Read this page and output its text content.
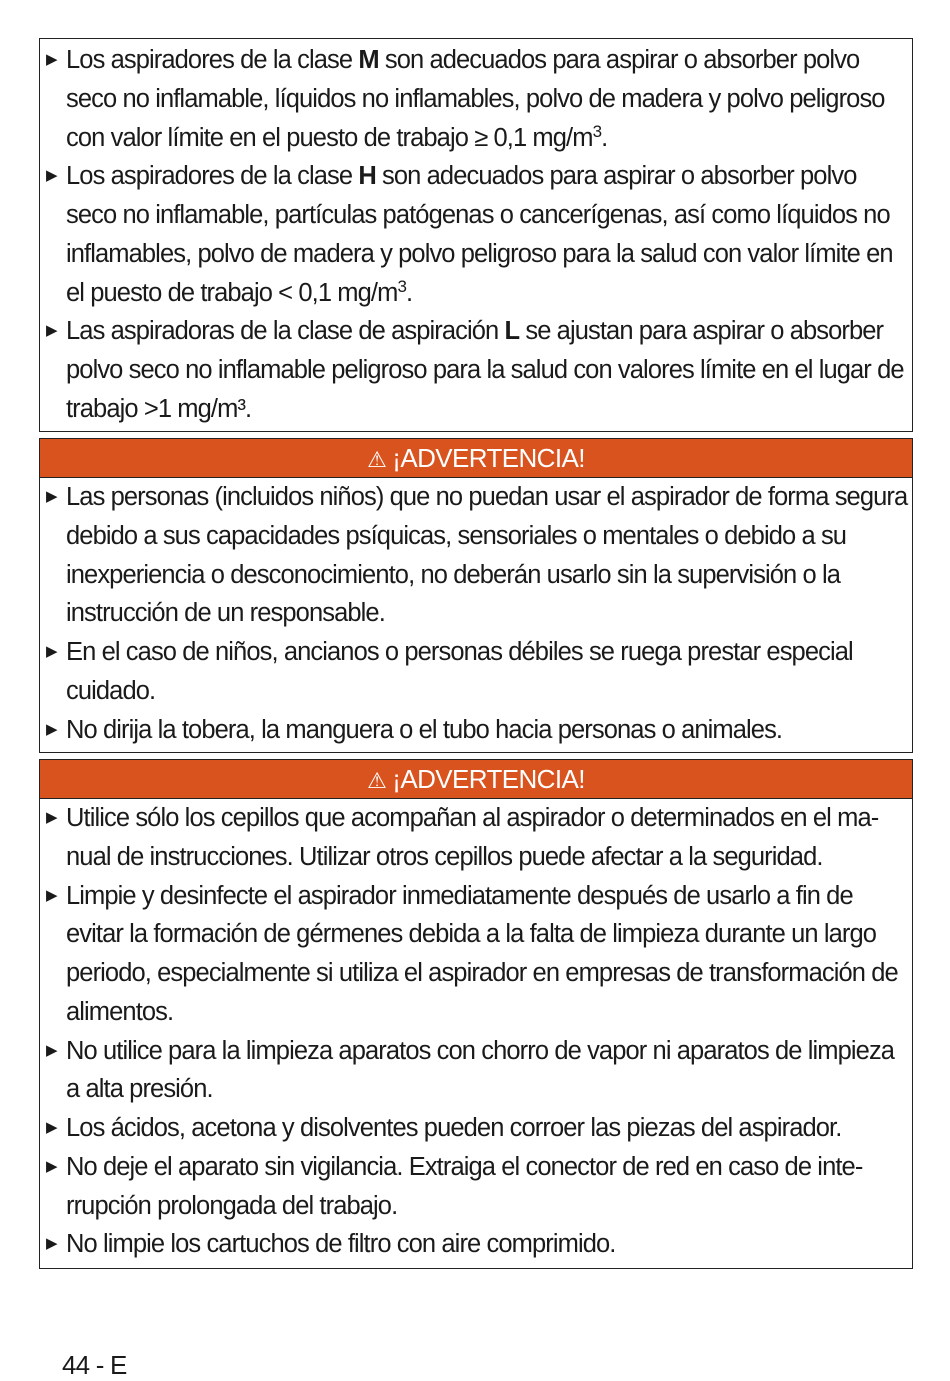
▶ Los aspiradores de la clase M son adecuados para aspirar o absorber polvo seco no inflamable, líquidos no inflamables, polvo de madera y polvo peligroso con valor límite en el puesto de trabajo ≥ 0,1 $mg/m^3$.
▶ Los aspiradores de la clase H son adecuados para aspirar o absorber polvo seco no inflamable, partículas patógenas o cancerígenas, así como líquidos no inflamables, polvo de madera y polvo peligroso para la salud con valor límite en el puesto de trabajo < 0,1 $mg/m^3$.
▶ Las aspiradoras de la clase de aspiración L se ajustan para aspirar o absorber polvo seco no inflamable peligroso para la salud con valores límite en el lugar de trabajo >1 mg/m³.
⚠ ¡ADVERTENCIA!
▶ Las personas (incluidos niños) que no puedan usar el aspirador de forma segura debido a sus capacidades psíquicas, sensoriales o mentales o debido a su inexperiencia o desconocimiento, no deberán usarlo sin la supervisión o la instrucción de un responsable.
▶ En el caso de niños, ancianos o personas débiles se ruega prestar especial cuidado.
▶ No dirija la tobera, la manguera o el tubo hacia personas o animales.
⚠ ¡ADVERTENCIA!
▶ Utilice sólo los cepillos que acompañan al aspirador o determinados en el ma-nual de instrucciones. Utilizar otros cepillos puede afectar a la seguridad.
▶ Limpie y desinfecte el aspirador inmediatamente después de usarlo a fin de evitar la formación de gérmenes debida a la falta de limpieza durante un largo periodo, especialmente si utiliza el aspirador en empresas de transformación de alimentos.
▶ No utilice para la limpieza aparatos con chorro de vapor ni aparatos de limpieza a alta presión.
▶ Los ácidos, acetona y disolventes pueden corroer las piezas del aspirador.
▶ No deje el aparato sin vigilancia. Extraiga el conector de red en caso de inte-rrupción prolongada del trabajo.
▶ No limpie los cartuchos de filtro con aire comprimido.
44 - E
